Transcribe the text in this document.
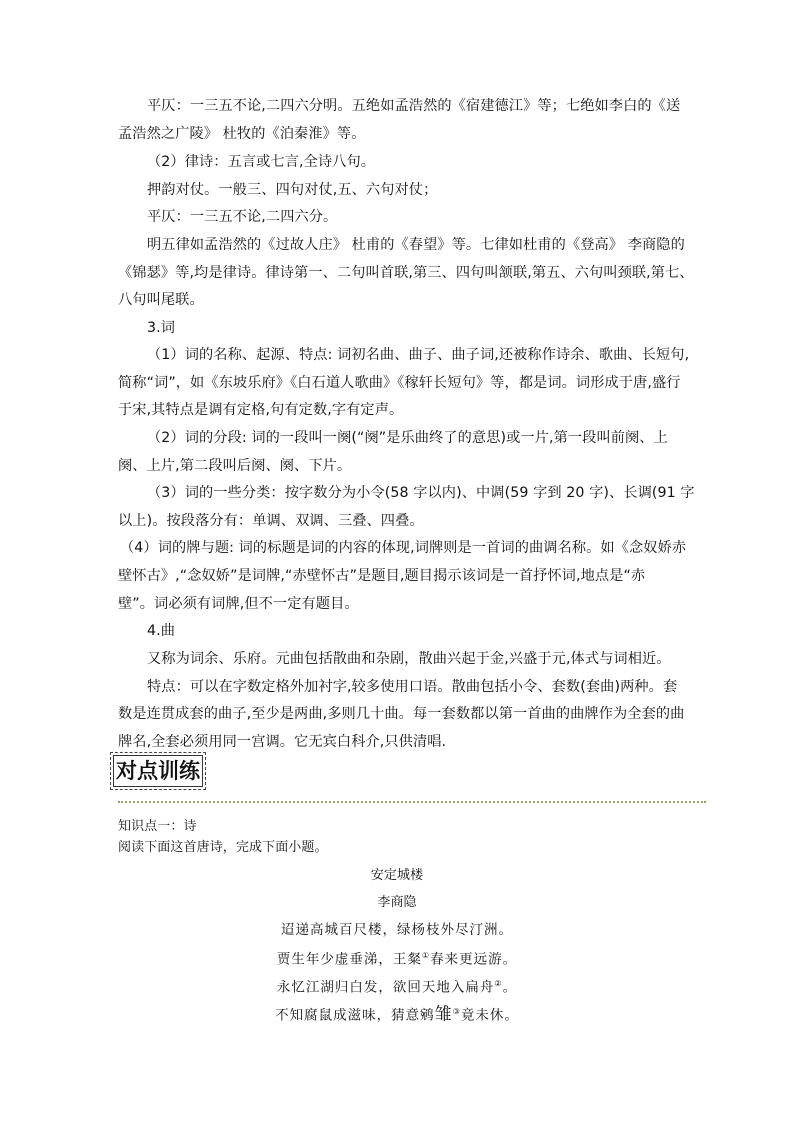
平仄：一三五不论,二四六分明。五绝如孟浩然的《宿建德江》等；七绝如李白的《送
孟浩然之广陵》 杜牧的《泊秦淮》等。
（2）律诗：五言或七言,全诗八句。
押韵对仗。一般三、四句对仗,五、六句对仗；
平仄：一三五不论,二四六分。
明五律如孟浩然的《过故人庄》 杜甫的《春望》等。七律如杜甫的《登高》 李商隐的
《锦瑟》等,均是律诗。律诗第一、二句叫首联,第三、四句叫颔联,第五、六句叫颈联,第七、
八句叫尾联。
3.词
（1）词的名称、起源、特点: 词初名曲、曲子、曲子词,还被称作诗余、歌曲、长短句,
简称“词”，如《东坡乐府》《白石道人歌曲》《稼轩长短句》等，都是词。词形成于唐,盛行
于宋,其特点是调有定格,句有定数,字有定声。
（2）词的分段: 词的一段叫一阕(“阕”是乐曲终了的意思)或一片,第一段叫前阕、上
阕、上片,第二段叫后阕、阕、下片。
（3）词的一些分类：按字数分为小令(58 字以内)、中调(59 字到 20 字)、长调(91 字
以上)。按段落分有：单调、双调、三叠、四叠。
（4）词的牌与题: 词的标题是词的内容的体现,词牌则是一首词的曲调名称。如《念奴娇赤
壁怀古》,“念奴娇”是词牌,“赤壁怀古”是题目,题目揭示该词是一首抒怀词,地点是“赤
壁”。词必须有词牌,但不一定有题目。
4.曲
又称为词余、乐府。元曲包括散曲和杂剧，散曲兴起于金,兴盛于元,体式与词相近。
特点：可以在字数定格外加衬字,较多使用口语。散曲包括小令、套数(套曲)两种。套
数是连贯成套的曲子,至少是两曲,多则几十曲。每一套数都以第一首曲的曲牌作为全套的曲
牌名,全套必须用同一宫调。它无宾白科介,只供清唱.
对点训练
知识点一：诗
阅读下面这首唐诗，完成下面小题。
安定城楼
李商隐
迢递高城百尺楼，绿杨枝外尽汀洲。
贾生年少虚垂涕，王粲①春来更远游。
永忆江湖归白发，欲回天地入扁舟②。
不知腐鼠成滋味，猜意鹓雏③竟未休。
